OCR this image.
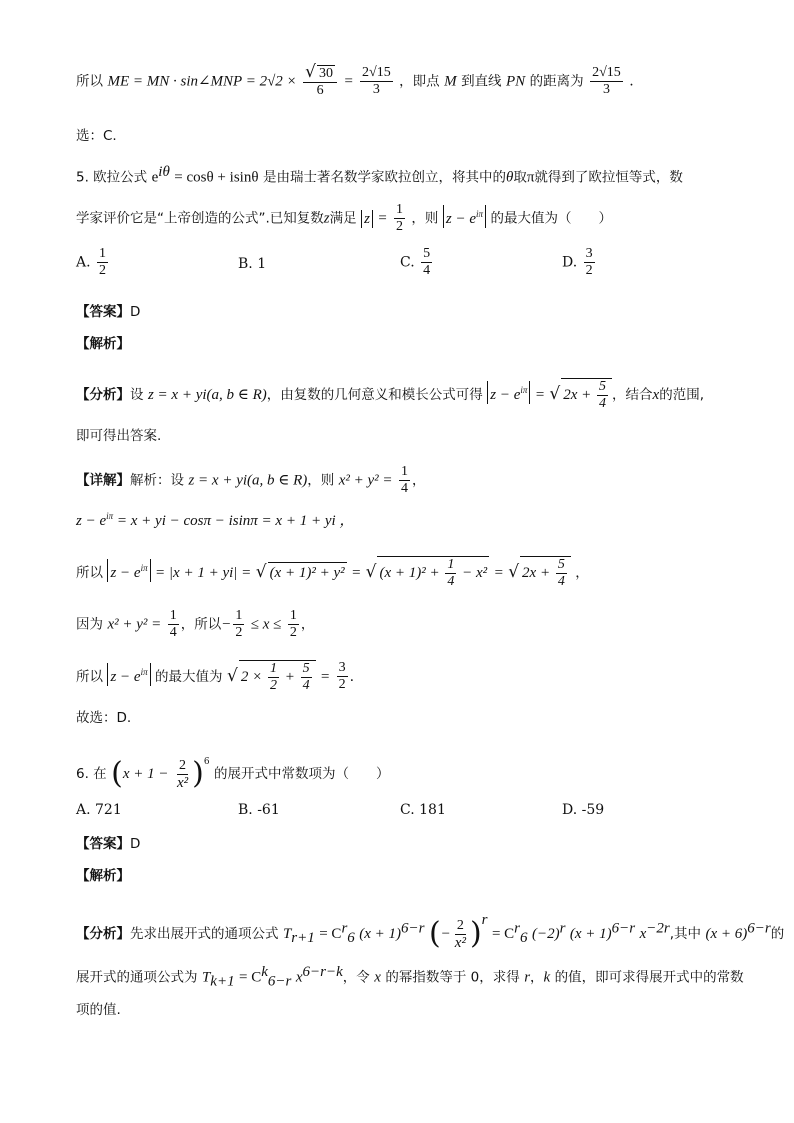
所以 ME = MN · sin∠MNP = $2√2 \times \frac{√ 30}{6} = \frac{2√15}{3}$ ，即点 M 到直线 PN 的距离为 $\frac{2√15}{3}$ .
选：C.
5. 欧拉公式 $e^{i\theta} = \cos\theta + isin\theta$ 是由瑞士著名数学家欧拉创立，将其中的θ取π就得到了欧拉恒等式，数
学家评价它是“上帝创造的公式”.已知复数z满足 $z = \frac{1}{2}$ ，则 $z - e^{i\pi}$ 的最大值为（　　）
A. $\frac{1}{2}$	B. 1	C. $\frac{5}{4}$	D. $\frac{3}{2}$
【答案】D
【解析】
【分析】设 z = x + yi(a, b ∈ R)，由复数的几何意义和模长公式可得 $z - e^{i\pi}$ = √ $2x + \frac{5}{4}$ ，结合x的范围,
即可得出答案.
【详解】解析：设 z = x + yi(a, b ∈ R)，则 $x^2 + y^2 = \frac{1}{4}$ ，
$z - e^{i\pi} = x$ + yi − cosπ − isinπ = x + 1 + yi ，
所以 $z - e^{i\pi} = |x + 1 + yi|$ = √ (x + 1)² + y² = √ $(x + 1)^2 + \frac{1}{4} - x^2$ = √ $2x + \frac{5}{4}$ ，
因为 $x^2 + y^2 = \frac{1}{4}$ ，所以− $\frac{1}{2} \le x \le \frac{1}{2}$ ，
所以 $z - e^{i\pi}$ 的最大值为 √ $2 \times \frac{1}{2} + \frac{5}{4} = \frac{3}{2}$ .
故选：D.
6. 在 $(x + 1 - \frac{2}{\text{x²}} )^6$ 的展开式中常数项为（　　）
A. 721	B. -61	C. 181	D. -59
【答案】D
【解析】
【分析】先求出展开式的通项公式 $T_{r+1} = C^r_6$ $(x + 1)^{6-r}$ (− $\frac{2}{\text{x²}} )^r = C^r_6$ $(-2)^r$ $(x + 1)^{6-r}$ $x^{-2r}$,其中 $(x + 6)^{6-r}$的
展开式的通项公式为 $T_{k+1} = C^k_{6-r}$ $x^{6-r-k}$，令 x 的幂指数等于 0，求得 r，k 的值，即可求得展开式中的常数
项的值.
